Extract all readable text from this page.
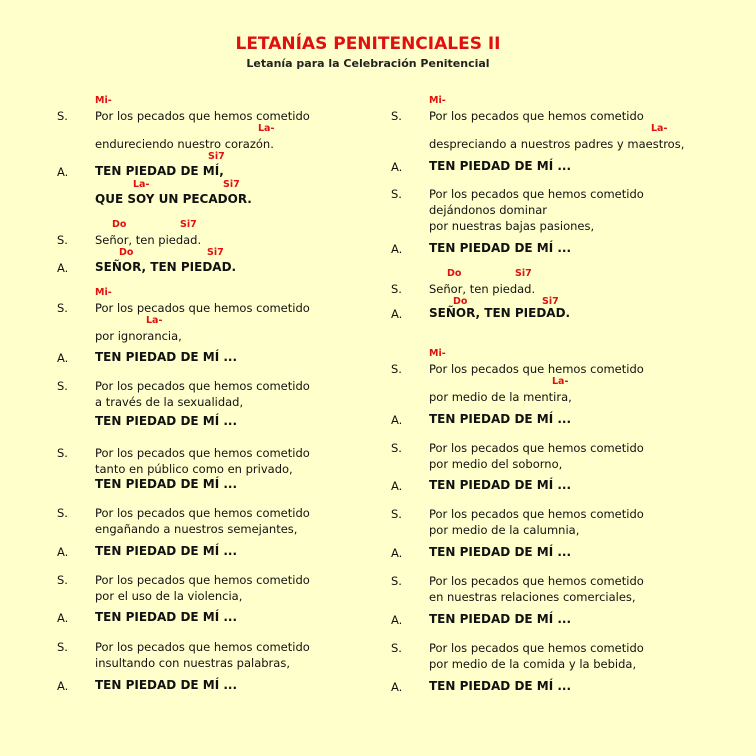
LETANÍAS PENITENCIALES II
Letanía para la Celebración Penitencial
Mi-
S. Por los pecados que hemos cometido
La-
endureciendo nuestro corazón.
Si7
A. TEN PIEDAD DE MÍ,
La-	Si7
QUE SOY UN PECADOR.
Do	Si7
S. Señor, ten piedad.
Do	Si7
A. SEÑOR, TEN PIEDAD.
Mi-
S. Por los pecados que hemos cometido
La-
por ignorancia,
A. TEN PIEDAD DE MÍ ...
S. Por los pecados que hemos cometido
a través de la sexualidad,
TEN PIEDAD DE MÍ ...
S. Por los pecados que hemos cometido
tanto en público como en privado,
TEN PIEDAD DE MÍ ...
S. Por los pecados que hemos cometido
engañando a nuestros semejantes,
A. TEN PIEDAD DE MÍ ...
S. Por los pecados que hemos cometido
por el uso de la violencia,
A. TEN PIEDAD DE MÍ ...
S. Por los pecados que hemos cometido
insultando con nuestras palabras,
A. TEN PIEDAD DE MÍ ...
Mi-
S. Por los pecados que hemos cometido
La-
despreciando a nuestros padres y maestros,
A. TEN PIEDAD DE MÍ ...
S. Por los pecados que hemos cometido
dejándonos dominar
por nuestras bajas pasiones,
A. TEN PIEDAD DE MÍ ...
Do	Si7
S. Señor, ten piedad.
Do	Si7
A. SEÑOR, TEN PIEDAD.
Mi-
S. Por los pecados que hemos cometido
La-
por medio de la mentira,
A. TEN PIEDAD DE MÍ ...
S. Por los pecados que hemos cometido
por medio del soborno,
A. TEN PIEDAD DE MÍ ...
S. Por los pecados que hemos cometido
por medio de la calumnia,
A. TEN PIEDAD DE MÍ ...
S. Por los pecados que hemos cometido
en nuestras relaciones comerciales,
A. TEN PIEDAD DE MÍ ...
S. Por los pecados que hemos cometido
por medio de la comida y la bebida,
A. TEN PIEDAD DE MÍ ...
